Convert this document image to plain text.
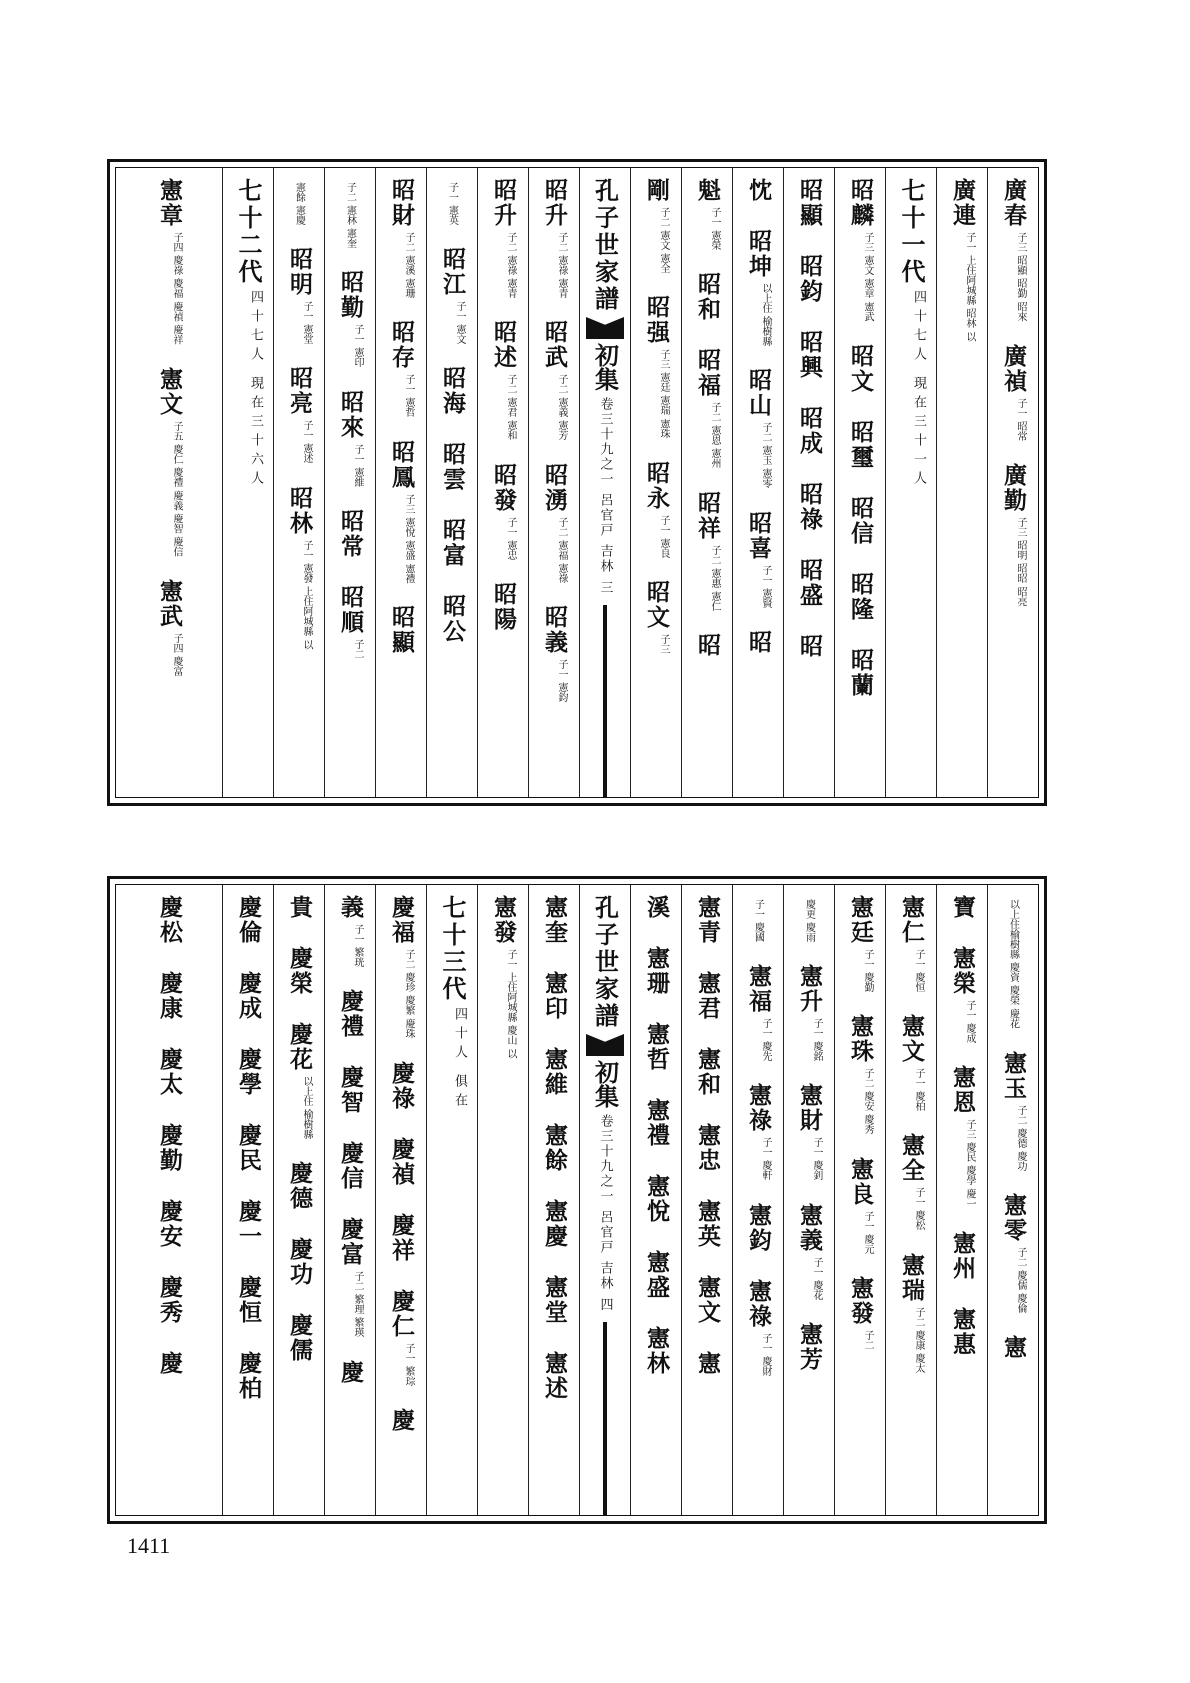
廣春
子三 昭顯 昭勤 昭來
廣禎
子一 昭常
廣勤
子三 昭明 昭昭 昭亮
廣連
子一 上住阿城縣 昭林 以
七十一代
四十七人 現在三十一人
昭麟
子三 憲文 憲章 憲武
昭文
昭璽
昭信
昭隆
昭蘭
昭顯
昭鈞
昭興
昭成
昭祿
昭盛
昭
忱
昭坤
以上住 榆樹縣
昭山
子二 憲玉 憲零
昭喜
子一 憲賢
昭
魁
子一 憲榮
昭和
昭福
子二 憲恩 憲州
昭祥
子二 憲惠 憲仁
昭
剛
子二 憲文 憲全
昭强
子三 憲廷 憲瑞 憲珠
昭永
子一 憲良
昭文
子三
孔子世家譜
初集
卷三十九之一 呂官戸 吉林 三
昭升
子二 憲祿 憲青
昭武
子二 憲義 憲芳
昭湧
子二 憲福 憲祿
昭義
子一 憲鈞
昭升
子二 憲祿 憲青
昭述
子二 憲君 憲和
昭發
子一 憲忠
昭陽
子一 憲英
昭江
子一 憲文
昭海
昭雲
昭富
昭公
昭財
子二 憲溪 憲珊
昭存
子一 憲哲
昭鳳
子三 憲悅 憲盛 憲禮
昭顯
子二 憲林 憲奎
昭勤
子一 憲印
昭來
子一 憲維
昭常
昭順
子二
憲餘 憲慶
昭明
子一 憲堂
昭亮
子一 憲述
昭林
子一 憲發 上住阿城縣 以
七十二代
四十七人 現在三十六人
憲章
子四 慶祿 慶福 慶禎 慶祥
憲文
子五 慶仁 慶禮 慶義 慶智 慶信
憲武
子四 慶富
以上住榆樹縣 慶資 慶榮 慶花
憲玉
子二 慶德 慶功
憲零
子二 慶儒 慶倫
憲
寶
憲榮
子一 慶成
憲恩
子三 慶民 慶學 慶一
憲州
憲惠
憲仁
子一 慶恒
憲文
子一 慶柏
憲全
子一 慶松
憲瑞
子二 慶康 慶太
憲廷
子一 慶勤
憲珠
子二 慶安 慶秀
憲良
子一 慶元
憲發
子二
慶更 慶雨
憲升
子一 慶銘
憲財
子一 慶釗
憲義
子一 慶花
憲芳
子一 慶國
憲福
子一 慶先
憲祿
子一 慶軒
憲鈞
憲祿
子一 慶財
憲青
憲君
憲和
憲忠
憲英
憲文
憲
溪
憲珊
憲哲
憲禮
憲悅
憲盛
憲林
孔子世家譜
初集
卷三十九之一 呂官戸 吉林 四
憲奎
憲印
憲維
憲餘
憲慶
憲堂
憲述
憲發
子一 上住阿城縣 慶山 以
七十三代
四十人 俱在
慶福
子二 慶珍 慶繁 慶珠
慶祿
慶禎
慶祥
慶仁
子一 繁琮
慶
義
子一 繁珖
慶禮
慶智
慶信
慶富
子二 繁理 繁瑛
慶
貴
慶榮
慶花
以上住 榆樹縣
慶德
慶功
慶儒
慶倫
慶成
慶學
慶民
慶一
慶恒
慶柏
慶松
慶康
慶太
慶勤
慶安
慶秀
慶
1411
